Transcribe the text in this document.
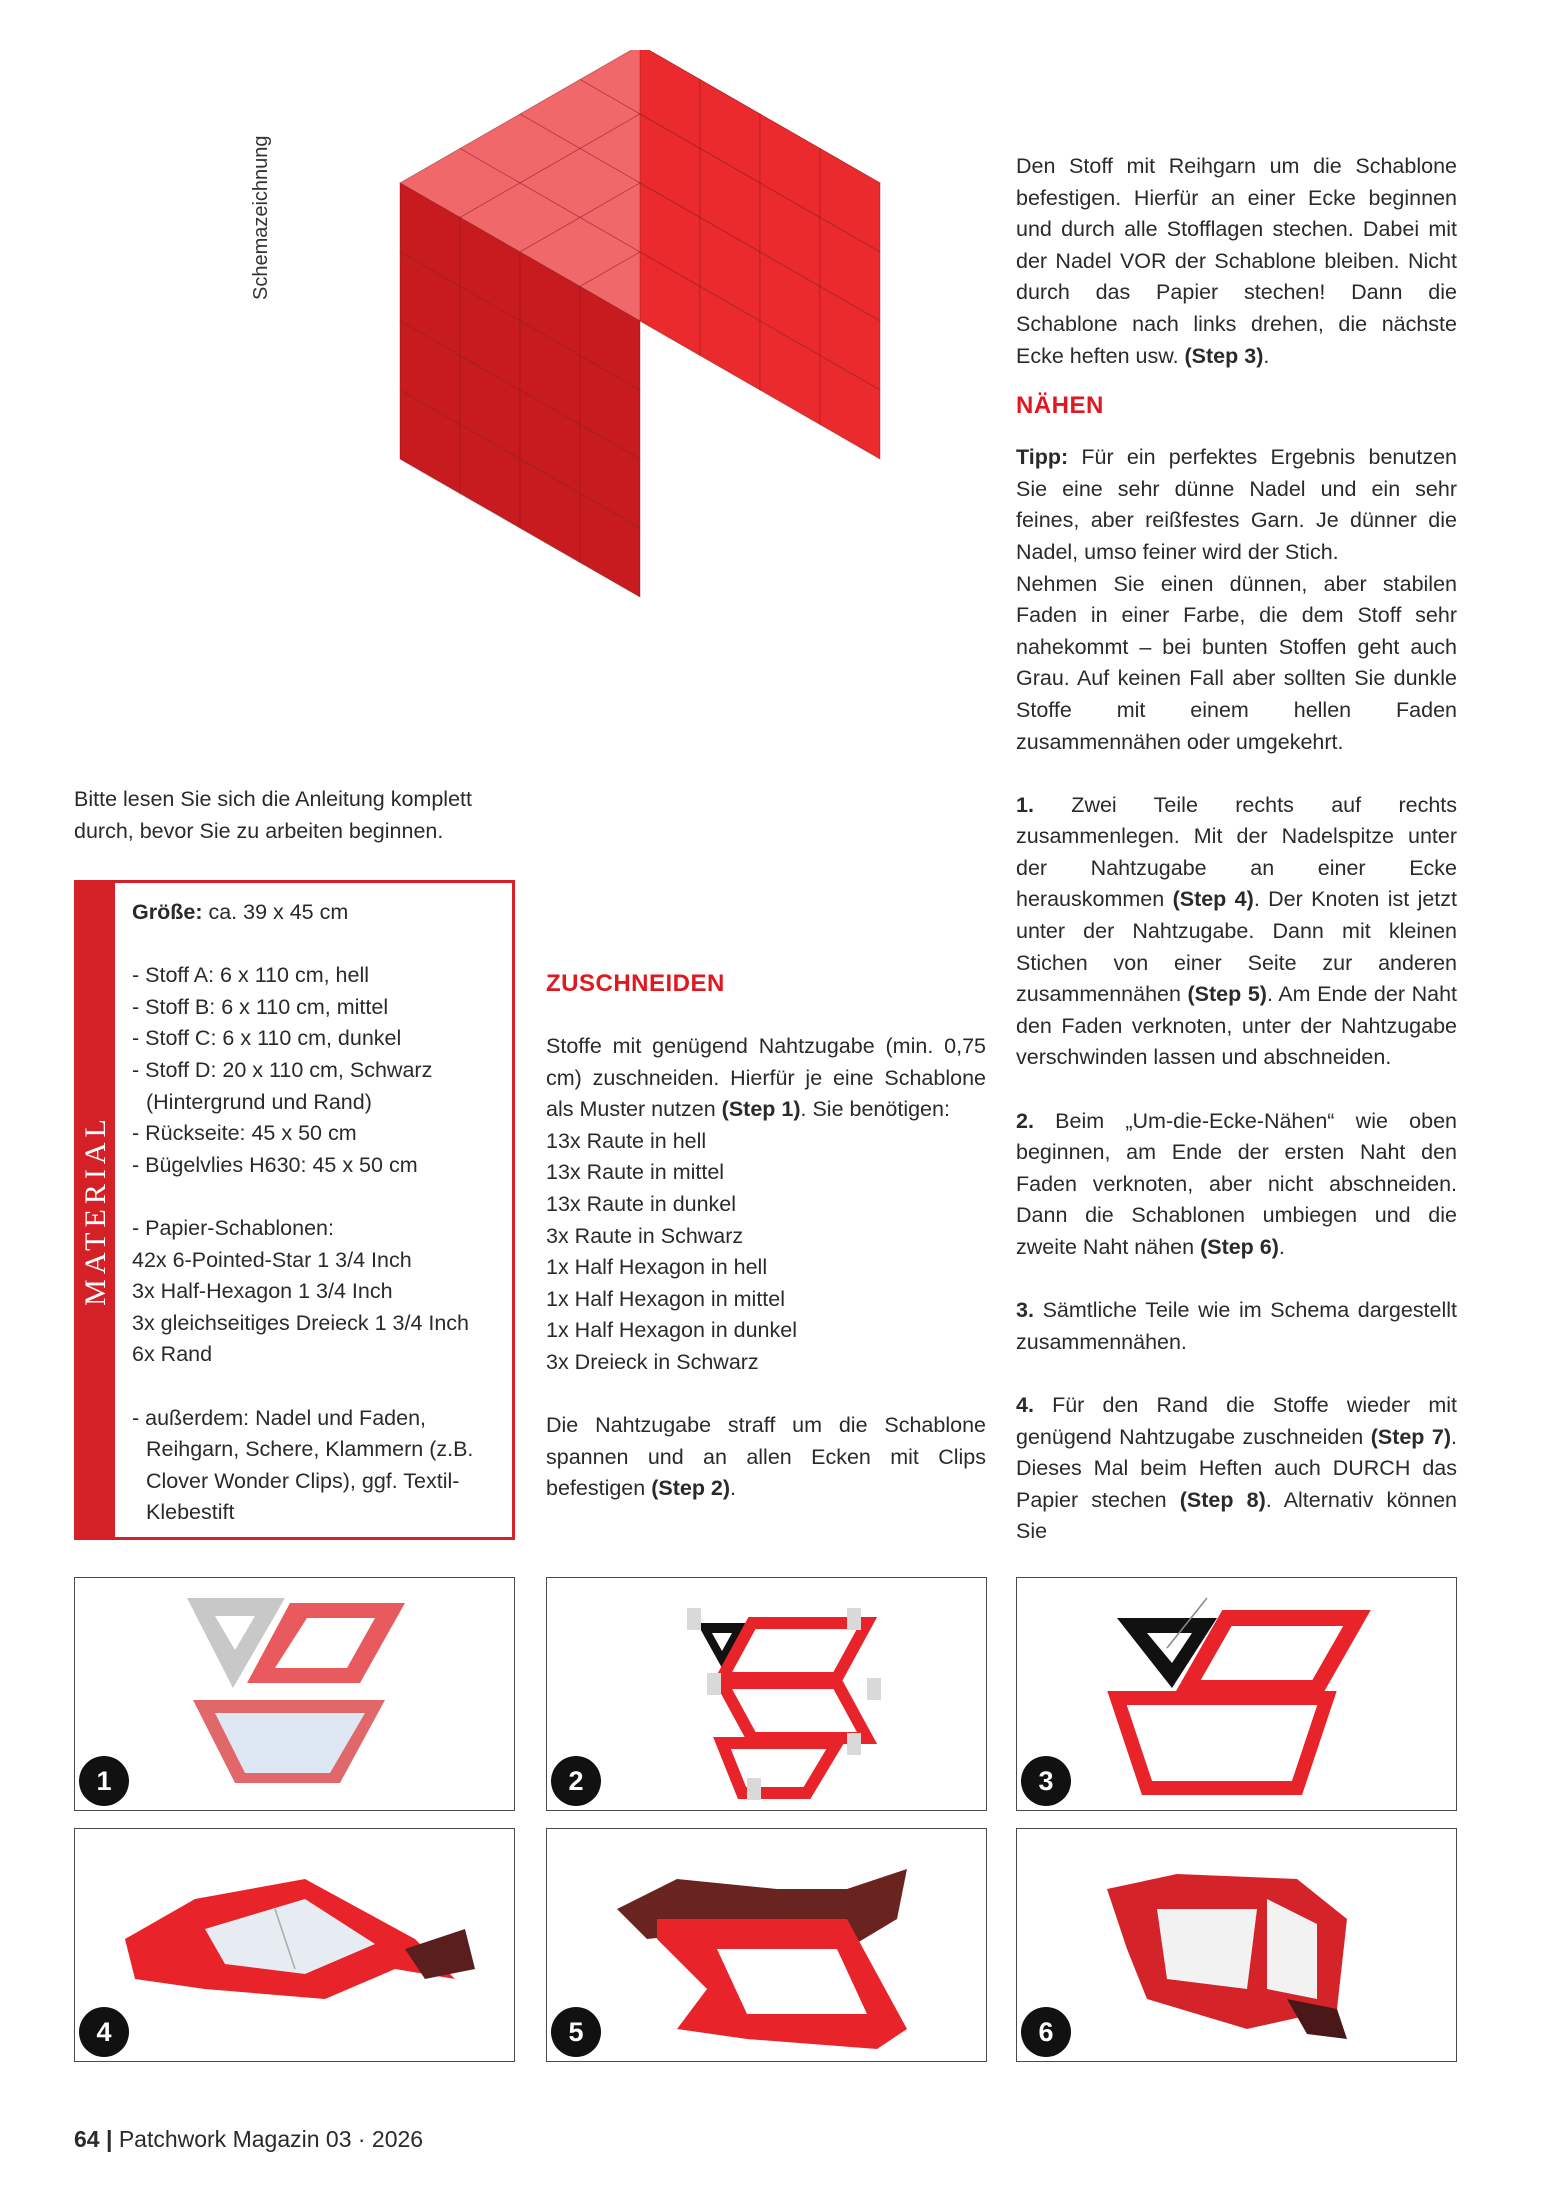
Schemazeichnung

Bitte lesen Sie sich die Anleitung komplett durch, bevor Sie zu arbeiten beginnen.

MATERIAL

Größe: ca. 39 x 45 cm

- Stoff A: 6 x 110 cm, hell

- Stoff B: 6 x 110 cm, mittel

- Stoff C: 6 x 110 cm, dunkel

- Stoff D: 20 x 110 cm, Schwarz

(Hintergrund und Rand)

- Rückseite: 45 x 50 cm

- Bügelvlies H630: 45 x 50 cm

- Papier-Schablonen:

42x 6-Pointed-Star 1 3/4 Inch

3x Half-Hexagon 1 3/4 Inch

3x gleichseitiges Dreieck 1 3/4 Inch

6x Rand

- außerdem: Nadel und Faden,

Reihgarn, Schere, Klammern (z.B.

Clover Wonder Clips), ggf. Textil-

Klebestift

ZUSCHNEIDEN

Stoffe mit genügend Nahtzugabe (min. 0,75 cm) zuschneiden. Hierfür je eine Schablone als Muster nutzen (Step 1). Sie benötigen:

13x Raute in hell

13x Raute in mittel

13x Raute in dunkel

3x Raute in Schwarz

1x Half Hexagon in hell

1x Half Hexagon in mittel

1x Half Hexagon in dunkel

3x Dreieck in Schwarz

Die Nahtzugabe straff um die Schablone spannen und an allen Ecken mit Clips befestigen (Step 2).

Den Stoff mit Reihgarn um die Schablone befestigen. Hierfür an einer Ecke beginnen und durch alle Stofflagen stechen. Dabei mit der Nadel VOR der Schablone bleiben. Nicht durch das Papier stechen! Dann die Schablone nach links drehen, die nächste Ecke heften usw. (Step 3).

NÄHEN

Tipp: Für ein perfektes Ergebnis benutzen Sie eine sehr dünne Nadel und ein sehr feines, aber reißfestes Garn. Je dünner die Nadel, umso feiner wird der Stich.

Nehmen Sie einen dünnen, aber stabilen Faden in einer Farbe, die dem Stoff sehr nahekommt – bei bunten Stoffen geht auch Grau. Auf keinen Fall aber sollten Sie dunkle Stoffe mit einem hellen Faden zusammennähen oder umgekehrt.

1. Zwei Teile rechts auf rechts zusammenlegen. Mit der Nadelspitze unter der Nahtzugabe an einer Ecke herauskommen (Step 4). Der Knoten ist jetzt unter der Nahtzugabe. Dann mit kleinen Stichen von einer Seite zur anderen zusammennähen (Step 5). Am Ende der Naht den Faden verknoten, unter der Nahtzugabe verschwinden lassen und abschneiden.

2. Beim „Um-die-Ecke-Nähen“ wie oben beginnen, am Ende der ersten Naht den Faden verknoten, aber nicht abschneiden. Dann die Schablonen umbiegen und die zweite Naht nähen (Step 6).

3. Sämtliche Teile wie im Schema dargestellt zusammennähen.

4. Für den Rand die Stoffe wieder mit genügend Nahtzugabe zuschneiden (Step 7). Dieses Mal beim Heften auch DURCH das Papier stechen (Step 8). Alternativ können Sie

1	2	3
4	5	6
64 | Patchwork Magazin 03 · 2026
